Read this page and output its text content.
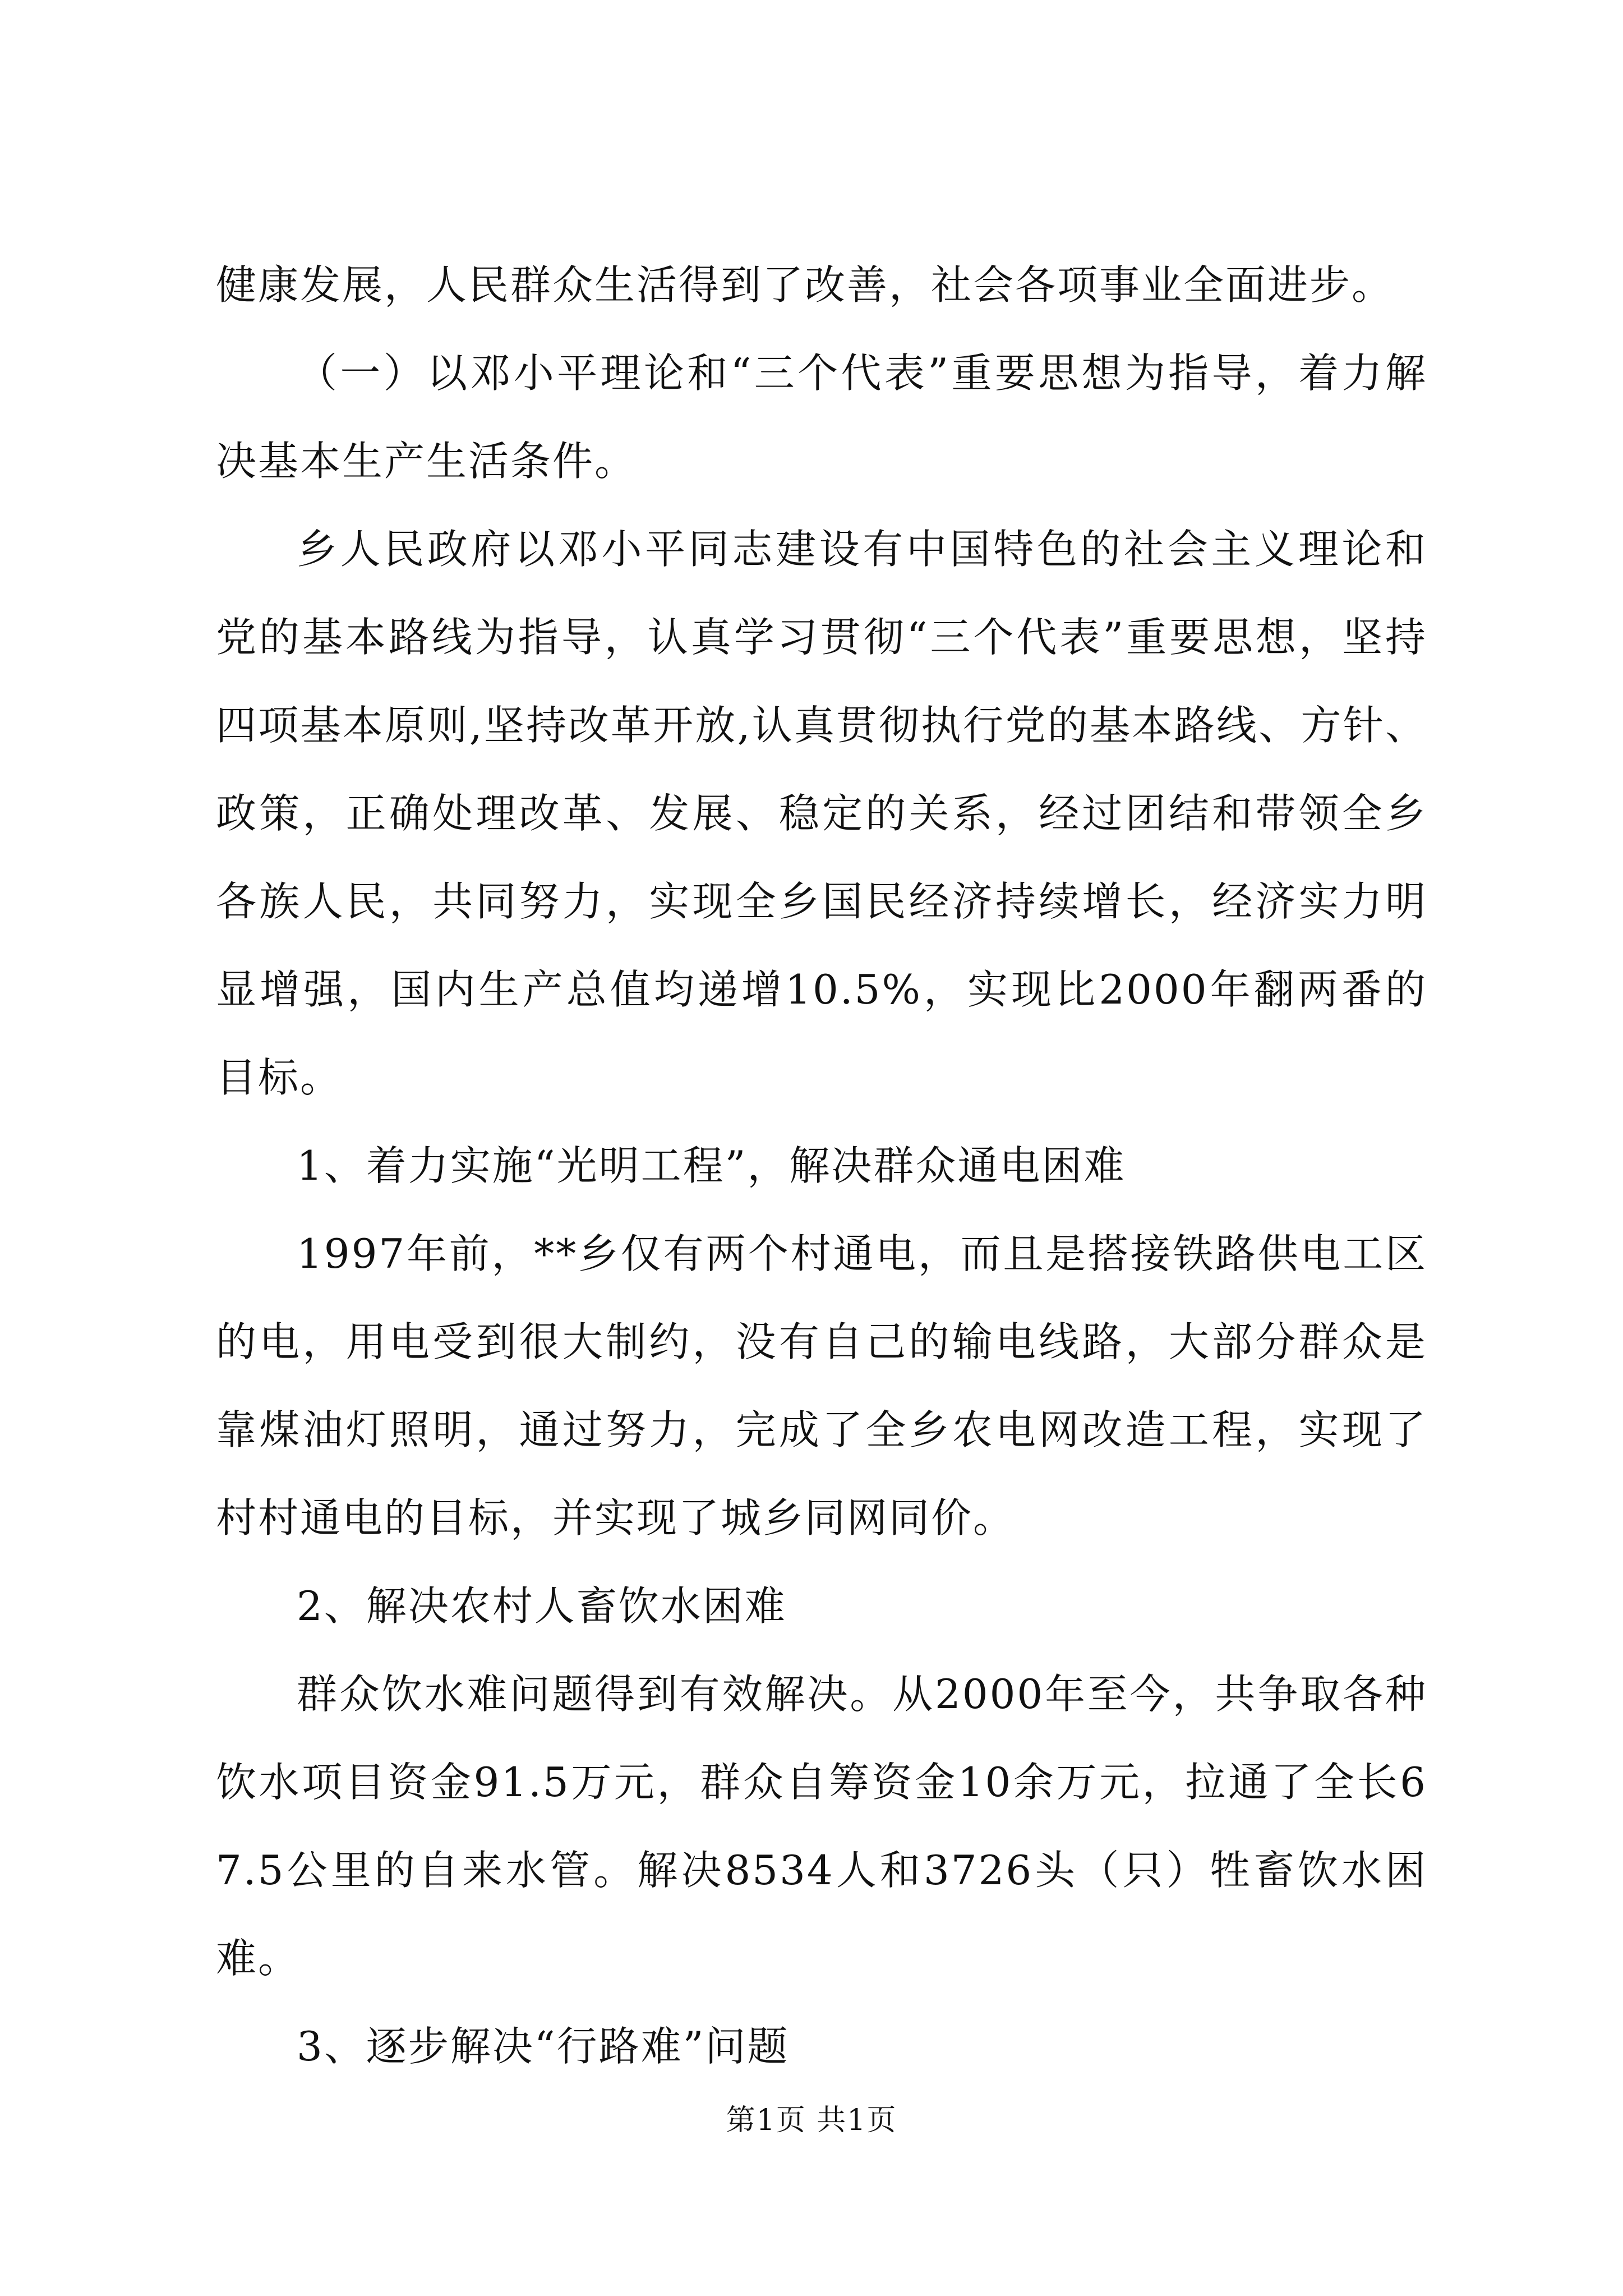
健康发展，人民群众生活得到了改善，社会各项事业全面进步。

（一）以邓小平理论和“三个代表”重要思想为指导，着力解决基本生产生活条件。

乡人民政府以邓小平同志建设有中国特色的社会主义理论和党的基本路线为指导，认真学习贯彻“三个代表”重要思想，坚持四项基本原则,坚持改革开放,认真贯彻执行党的基本路线、方针、政策，正确处理改革、发展、稳定的关系，经过团结和带领全乡各族人民，共同努力，实现全乡国民经济持续增长，经济实力明显增强，国内生产总值均递增10.5%，实现比2000年翻两番的目标。

1、着力实施“光明工程”，解决群众通电困难

1997年前，**乡仅有两个村通电，而且是搭接铁路供电工区的电，用电受到很大制约，没有自己的输电线路，大部分群众是靠煤油灯照明，通过努力，完成了全乡农电网改造工程，实现了村村通电的目标，并实现了城乡同网同价。

2、解决农村人畜饮水困难

群众饮水难问题得到有效解决。从2000年至今，共争取各种饮水项目资金91.5万元，群众自筹资金10余万元，拉通了全长67.5公里的自来水管。解决8534人和3726头（只）牲畜饮水困难。

3、逐步解决“行路难”问题

第1页 共1页
